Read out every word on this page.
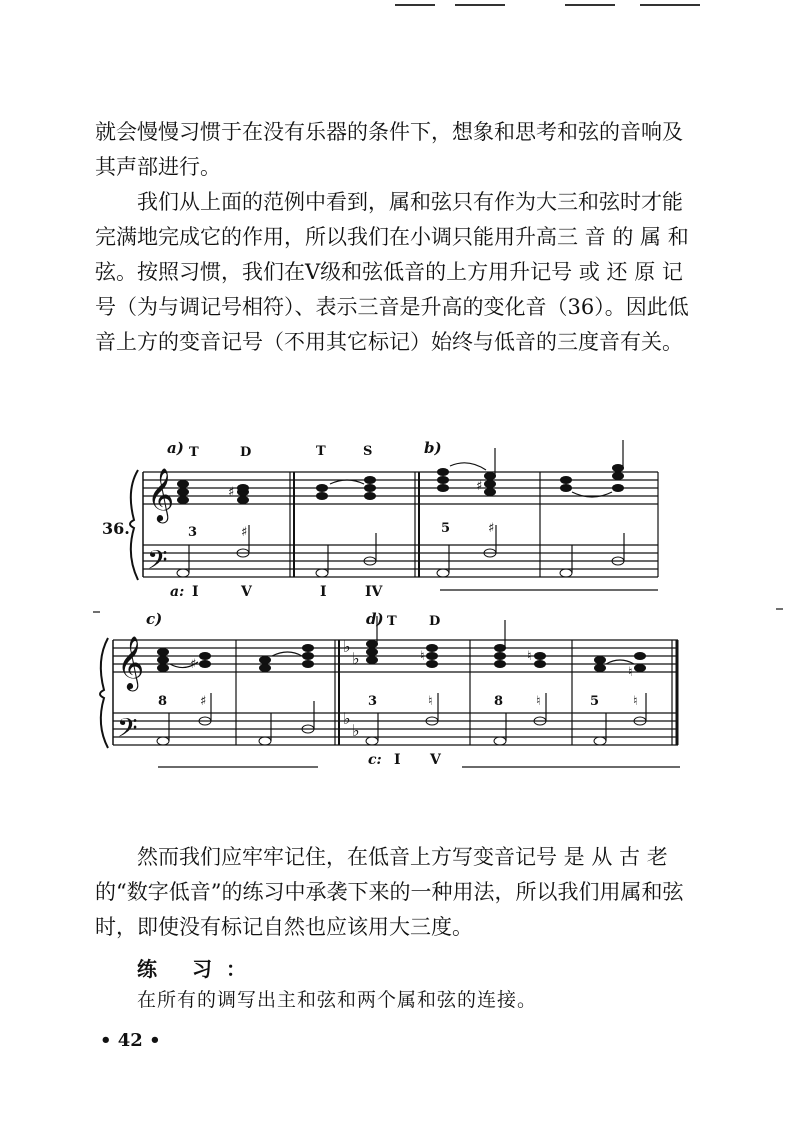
就会慢慢习惯于在没有乐器的条件下，想象和思考和弦的音响及其声部进行。

我们从上面的范例中看到，属和弦只有作为大三和弦时才能完满地完成它的作用，所以我们在小调只能用升高三 音 的 属 和弦。按照习惯，我们在Ⅴ级和弦低音的上方用升记号 或 还 原 记号（为与调记号相符）、表示三音是升高的变化音（36）。因此低音上方的变音记号（不用其它标记）始终与低音的三度音有关。

𝄞
𝄢
𝄞
𝄢
♭
♭
♭
♭
♯	♯
♯
♮	♮
♮
a)	b)
c)	d)
36.
T	D	T	S
T D
3	♯	5	♯
8	♯	3	♮	8	♮	5	♮
a: I	V	I	IV
c: I V

然而我们应牢牢记住，在低音上方写变音记号 是 从 古 老的“数字低音”的练习中承袭下来的一种用法，所以我们用属和弦时，即使没有标记自然也应该用大三度。

练 习：

在所有的调写出主和弦和两个属和弦的连接。

• 42 •
